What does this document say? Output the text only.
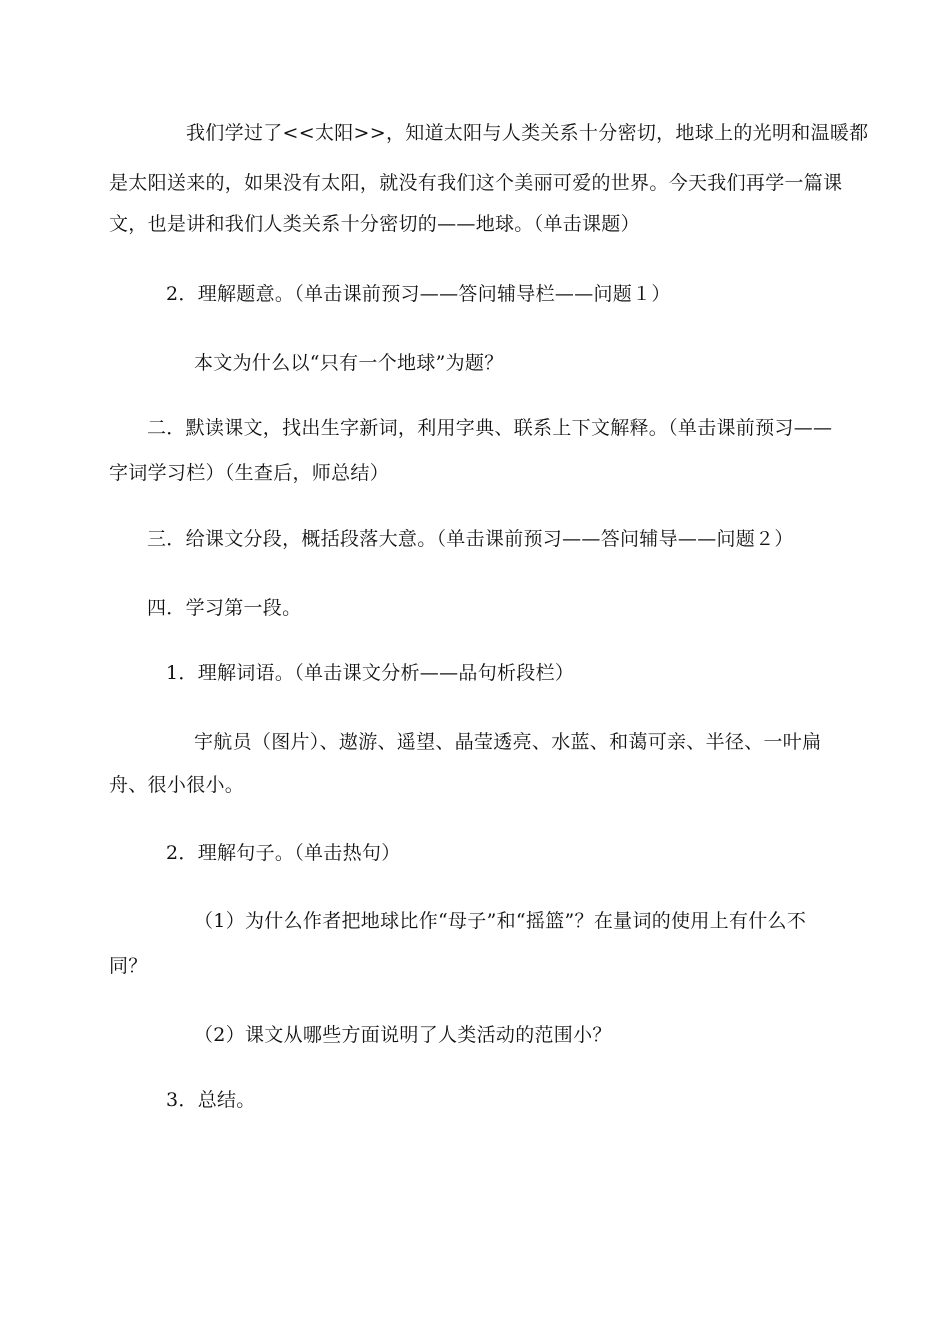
我们学过了<<太阳>>，知道太阳与人类关系十分密切，地球上的光明和温暖都
是太阳送来的，如果没有太阳，就没有我们这个美丽可爱的世界。今天我们再学一篇课
文，也是讲和我们人类关系十分密切的——地球。（单击课题）
2．理解题意。（单击课前预习——答问辅导栏——问题１）
本文为什么以“只有一个地球”为题？
二．默读课文，找出生字新词，利用字典、联系上下文解释。（单击课前预习——
字词学习栏）（生查后，师总结）
三．给课文分段，概括段落大意。（单击课前预习——答问辅导——问题２）
四．学习第一段。
1．理解词语。（单击课文分析——品句析段栏）
宇航员（图片）、遨游、遥望、晶莹透亮、水蓝、和蔼可亲、半径、一叶扁
舟、很小很小。
2．理解句子。（单击热句）
（1）为什么作者把地球比作“母子”和“摇篮”？在量词的使用上有什么不
同？
（2）课文从哪些方面说明了人类活动的范围小？
3．总结。
